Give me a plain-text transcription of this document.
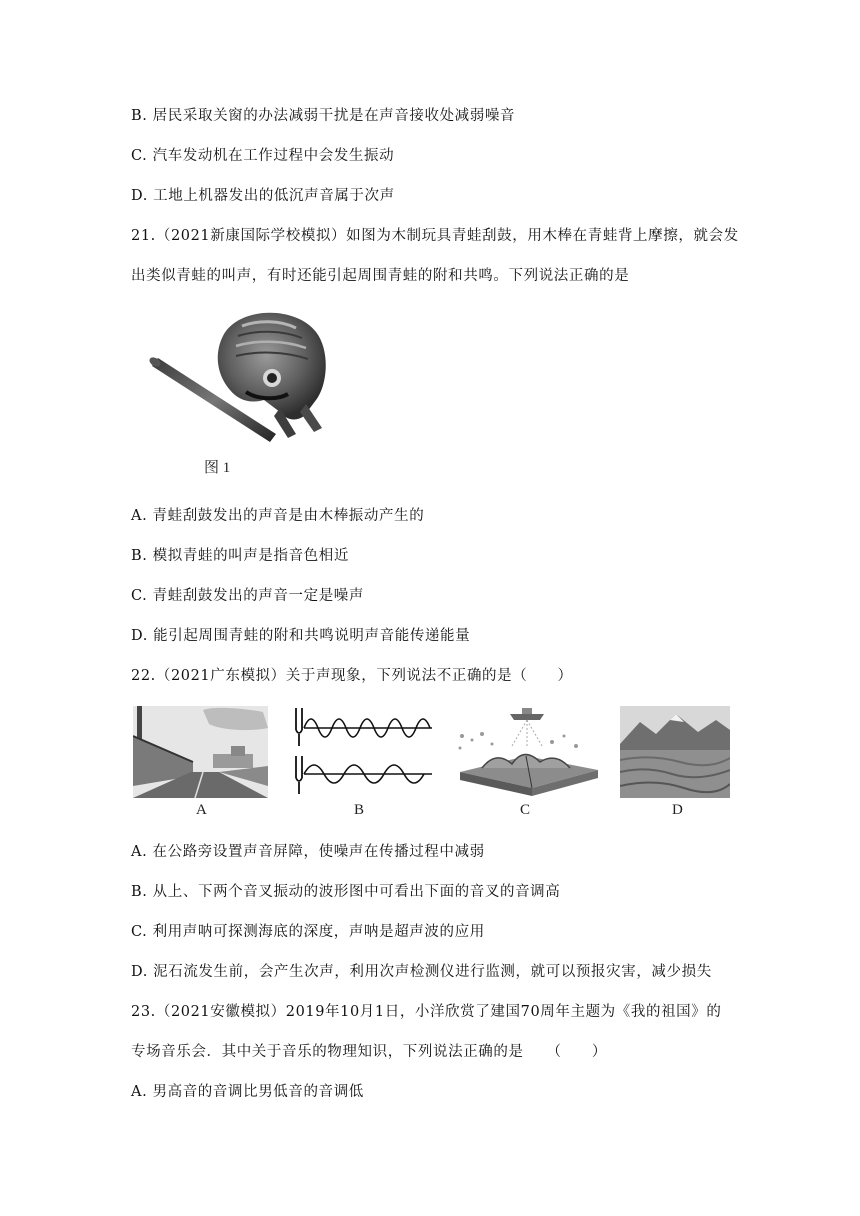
B. 居民采取关窗的办法减弱干扰是在声音接收处减弱噪音
C. 汽车发动机在工作过程中会发生振动
D. 工地上机器发出的低沉声音属于次声
21.（2021新康国际学校模拟）如图为木制玩具青蛙刮鼓，用木棒在青蛙背上摩擦，就会发
出类似青蛙的叫声，有时还能引起周围青蛙的附和共鸣。下列说法正确的是
图 1
A. 青蛙刮鼓发出的声音是由木棒振动产生的
B. 模拟青蛙的叫声是指音色相近
C. 青蛙刮鼓发出的声音一定是噪声
D. 能引起周围青蛙的附和共鸣说明声音能传递能量
22.（2021广东模拟）关于声现象，下列说法不正确的是（　　）
A	B	C	D
A. 在公路旁设置声音屏障，使噪声在传播过程中减弱
B. 从上、下两个音叉振动的波形图中可看出下面的音叉的音调高
C. 利用声呐可探测海底的深度，声呐是超声波的应用
D. 泥石流发生前，会产生次声，利用次声检测仪进行监测，就可以预报灾害，减少损失
23.（2021安徽模拟）2019年10月1日，小洋欣赏了建国70周年主题为《我的祖国》的
专场音乐会．其中关于音乐的物理知识，下列说法正确的是　　（　　）
A. 男高音的音调比男低音的音调低
